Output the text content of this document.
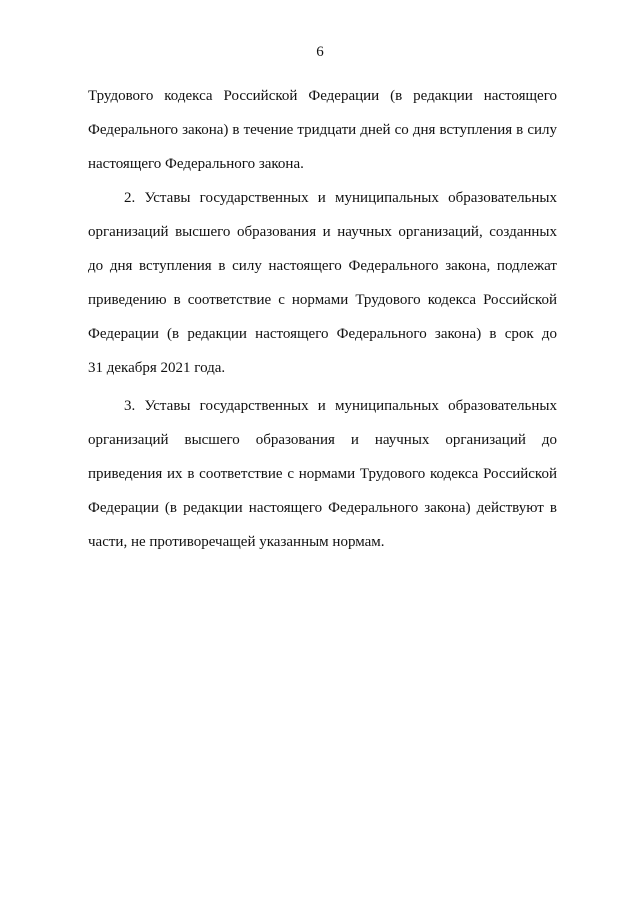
6
Трудового кодекса Российской Федерации (в редакции настоящего
Федерального закона) в течение тридцати дней со дня вступления в силу
настоящего Федерального закона.
2. Уставы государственных и муниципальных образовательных
организаций высшего образования и научных организаций, созданных
до дня вступления в силу настоящего Федерального закона, подлежат
приведению в соответствие с нормами Трудового кодекса Российской
Федерации (в редакции настоящего Федерального закона) в срок до
31 декабря 2021 года.
3. Уставы государственных и муниципальных образовательных
организаций высшего образования и научных организаций до
приведения их в соответствие с нормами Трудового кодекса Российской
Федерации (в редакции настоящего Федерального закона) действуют в
части, не противоречащей указанным нормам.
